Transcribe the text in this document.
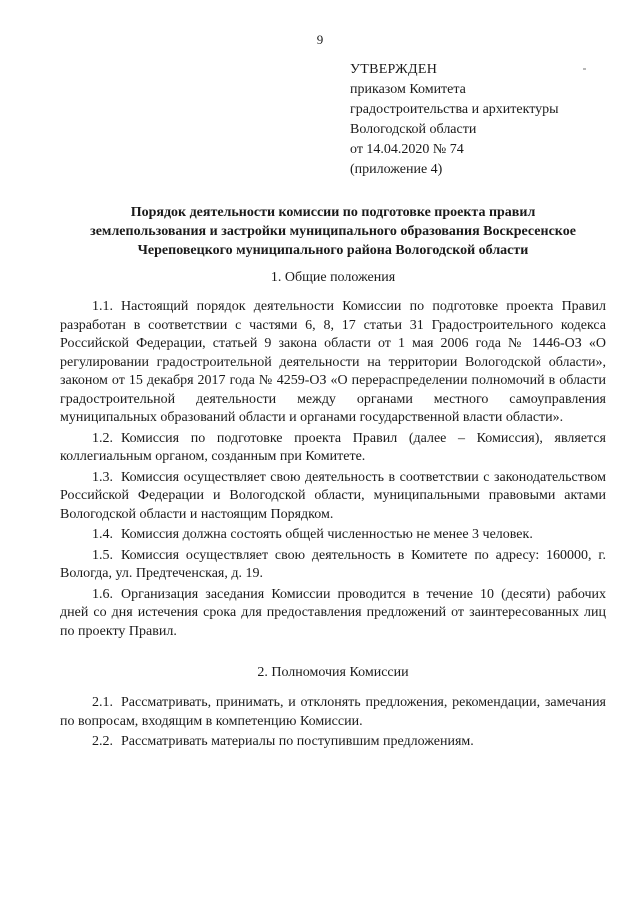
9
УТВЕРЖДЕН
приказом Комитета
градостроительства и архитектуры
Вологодской области
от 14.04.2020 № 74
(приложение 4)
Порядок деятельности комиссии по подготовке проекта правил
землепользования и застройки муниципального образования Воскресенское
Череповецкого муниципального района Вологодской области
1. Общие положения

1.1. Настоящий порядок деятельности Комиссии по подготовке проекта Правил разработан в соответствии с частями 6, 8, 17 статьи 31 Градостроительного кодекса Российской Федерации, статьей 9 закона области от 1 мая 2006 года № 1446-ОЗ «О регулировании градостроительной деятельности на территории Вологодской области», законом от 15 декабря 2017 года № 4259-ОЗ «О перераспределении полномочий в области градостроительной деятельности между органами местного самоуправления муниципальных образований области и органами государственной власти области».

1.2. Комиссия по подготовке проекта Правил (далее – Комиссия), является коллегиальным органом, созданным при Комитете.

1.3. Комиссия осуществляет свою деятельность в соответствии с законодательством Российской Федерации и Вологодской области, муниципальными правовыми актами Вологодской области и настоящим Порядком.

1.4. Комиссия должна состоять общей численностью не менее 3 человек.

1.5. Комиссия осуществляет свою деятельность в Комитете по адресу: 160000, г. Вологда, ул. Предтеченская, д. 19.

1.6. Организация заседания Комиссии проводится в течение 10 (десяти) рабочих дней со дня истечения срока для предоставления предложений от заинтересованных лиц по проекту Правил.

2. Полномочия Комиссии

2.1. Рассматривать, принимать, и отклонять предложения, рекомендации, замечания по вопросам, входящим в компетенцию Комиссии.

2.2. Рассматривать материалы по поступившим предложениям.
